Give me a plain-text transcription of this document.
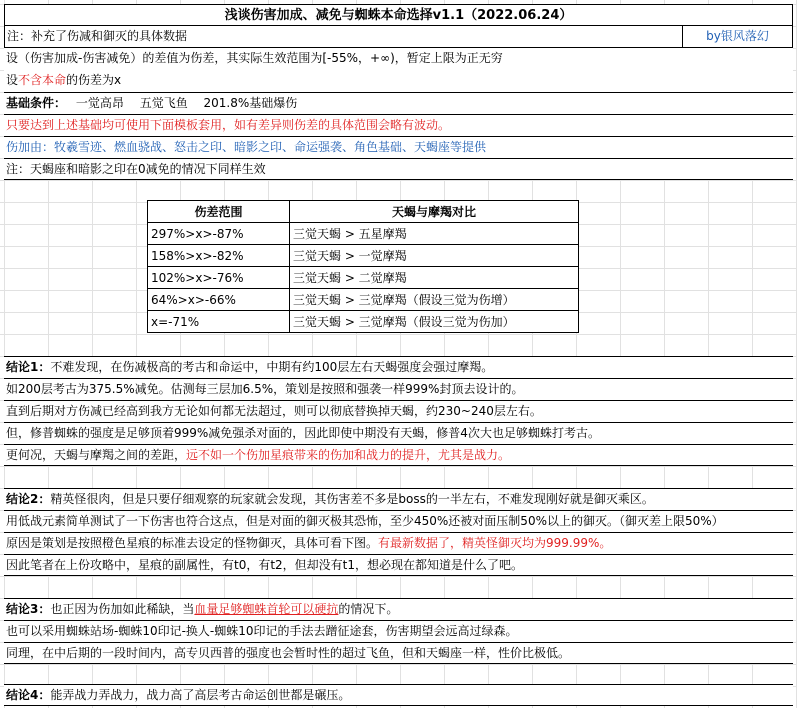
浅谈伤害加成、减免与蜘蛛本命选择v1.1（2022.06.24）
注：补充了伤减和御灭的具体数据	by银风落幻
设（伤害加成-伤害减免）的差值为伤差，其实际生效范围为[-55%，+∞)，暂定上限为正无穷
设不含本命的伤差为x
基础条件： 一觉高昂 五觉飞鱼 201.8%基础爆伤
只要达到上述基础均可使用下面模板套用，如有差异则伤差的具体范围会略有波动。
伤加由：牧羲雪迹、燃血骁战、怒击之印、暗影之印、命运强袭、角色基础、天蝎座等提供
注：天蝎座和暗影之印在0减免的情况下同样生效
伤差范围	天蝎与摩羯对比
297%>x>-87%	三觉天蝎 > 五星摩羯
158%>x>-82%	三觉天蝎 > 一觉摩羯
102%>x>-76%	三觉天蝎 > 二觉摩羯
64%>x>-66%	三觉天蝎 > 三觉摩羯（假设三觉为伤增）
x=-71%	三觉天蝎 > 三觉摩羯（假设三觉为伤加）
结论1：不难发现，在伤减极高的考古和命运中，中期有约100层左右天蝎强度会强过摩羯。
如200层考古为375.5%减免。估测每三层加6.5%，策划是按照和强袭一样999%封顶去设计的。
直到后期对方伤减已经高到我方无论如何都无法超过，则可以彻底替换掉天蝎，约230~240层左右。
但，修普蜘蛛的强度是足够顶着999%减免强杀对面的，因此即使中期没有天蝎，修普4次大也足够蜘蛛打考古。
更何况，天蝎与摩羯之间的差距，远不如一个伤加星痕带来的伤加和战力的提升，尤其是战力。
结论2：精英怪很肉，但是只要仔细观察的玩家就会发现，其伤害差不多是boss的一半左右，不难发现刚好就是御灭乘区。
用低战元素简单测试了一下伤害也符合这点，但是对面的御灭极其恐怖，至少450%还被对面压制50%以上的御灭。（御灭差上限50%）
原因是策划是按照橙色星痕的标准去设定的怪物御灭，具体可看下图。有最新数据了，精英怪御灭均为999.99%。
因此笔者在上份攻略中，星痕的副属性，有t0，有t2，但却没有t1，想必现在都知道是什么了吧。
结论3：也正因为伤加如此稀缺，当血量足够蜘蛛首轮可以硬抗的情况下。
也可以采用蜘蛛站场-蜘蛛10印记-换人-蜘蛛10印记的手法去蹭征途套，伤害期望会远高过绿森。
同理，在中后期的一段时间内，高专贝西普的强度也会暂时性的超过飞鱼，但和天蝎座一样，性价比极低。
结论4：能弄战力弄战力，战力高了高层考古命运创世都是碾压。
